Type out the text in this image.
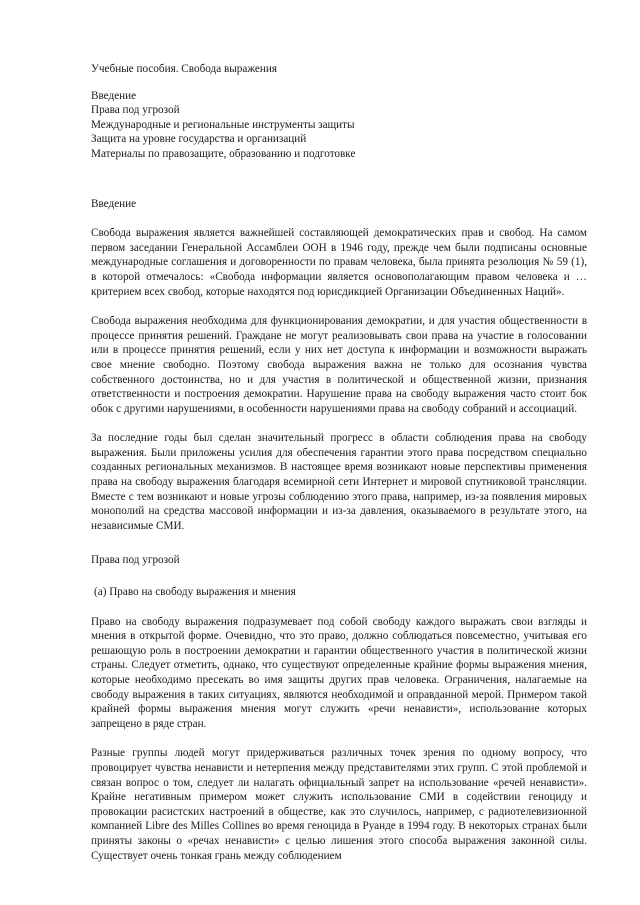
Учебные пособия. Свобода выражения

Введение
Права под угрозой
Международные и региональные инструменты защиты
Защита на уровне государства и организаций
Материалы по правозащите, образованию и подготовке

Введение

Свобода выражения является важнейшей составляющей демократических прав и свобод. На самом первом заседании Генеральной Ассамблеи ООН в 1946 году, прежде чем были подписаны основные международные соглашения и договоренности по правам человека, была принята резолюция № 59 (1), в которой отмечалось: «Свобода информации является основополагающим правом человека и … критерием всех свобод, которые находятся под юрисдикцией Организации Объединенных Наций».

Свобода выражения необходима для функционирования демократии, и для участия общественности в процессе принятия решений. Граждане не могут реализовывать свои права на участие в голосовании или в процессе принятия решений, если у них нет доступа к информации и возможности выражать свое мнение свободно. Поэтому свобода выражения важна не только для осознания чувства собственного достоинства, но и для участия в политической и общественной жизни, признания ответственности и построения демократии. Нарушение права на свободу выражения часто стоит бок обок с другими нарушениями, в особенности нарушениями права на свободу собраний и ассоциаций.

За последние годы был сделан значительный прогресс в области соблюдения права на свободу выражения. Были приложены усилия для обеспечения гарантии этого права посредством специально созданных региональных механизмов. В настоящее время возникают новые перспективы применения права на свободу выражения благодаря всемирной сети Интернет и мировой спутниковой трансляции. Вместе с тем возникают и новые угрозы соблюдению этого права, например, из-за появления мировых монополий на средства массовой информации и из-за давления, оказываемого в результате этого, на независимые СМИ.

Права под угрозой

(а) Право на свободу выражения и мнения

Право на свободу выражения подразумевает под собой свободу каждого выражать свои взгляды и мнения в открытой форме. Очевидно, что это право, должно соблюдаться повсеместно, учитывая его решающую роль в построении демократии и гарантии общественного участия в политической жизни страны. Следует отметить, однако, что существуют определенные крайние формы выражения мнения, которые необходимо пресекать во имя защиты других прав человека. Ограничения, налагаемые на свободу выражения в таких ситуациях, являются необходимой и оправданной мерой. Примером такой крайней формы выражения мнения могут служить «речи ненависти», использование которых запрещено в ряде стран.

Разные группы людей могут придерживаться различных точек зрения по одному вопросу, что провоцирует чувства ненависти и нетерпения между представителями этих групп. С этой проблемой и связан вопрос о том, следует ли налагать официальный запрет на использование «речей ненависти». Крайне негативным примером может служить использование СМИ в содействии геноциду и провокации расистских настроений в обществе, как это случилось, например, с радиотелевизионной компанией Libre des Milles Collines во время геноцида в Руанде в 1994 году. В некоторых странах были приняты законы о «речах ненависти» с целью лишения этого способа выражения законной силы. Существует очень тонкая грань между соблюдением
